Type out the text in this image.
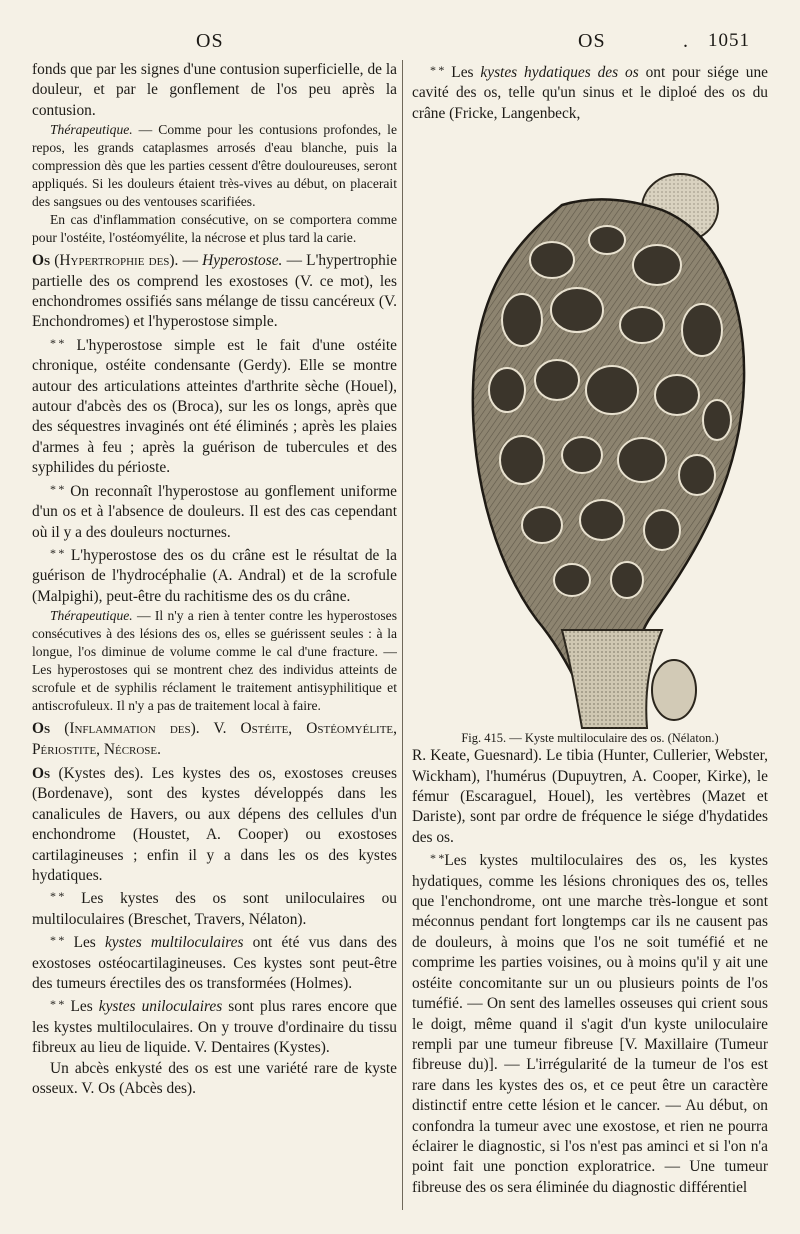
OS	OS	. 1051

fonds que par les signes d'une contusion superficielle, de la douleur, et par le gonflement de l'os peu après la contusion.

Thérapeutique. — Comme pour les contusions profondes, le repos, les grands cataplasmes arrosés d'eau blanche, puis la compression dès que les parties cessent d'être douloureuses, seront appliqués. Si les douleurs étaient très-vives au début, on placerait des sangsues ou des ventouses scarifiées.

En cas d'inflammation consécutive, on se comportera comme pour l'ostéite, l'ostéomyélite, la nécrose et plus tard la carie.

Os (Hypertrophie des). — Hyperostose. — L'hypertrophie partielle des os comprend les exostoses (V. ce mot), les enchondromes ossifiés sans mélange de tissu cancéreux (V. Enchondromes) et l'hyperostose simple.

* * L'hyperostose simple est le fait d'une ostéite chronique, ostéite condensante (Gerdy). Elle se montre autour des articulations atteintes d'arthrite sèche (Houel), autour d'abcès des os (Broca), sur les os longs, après que des séquestres invaginés ont été éliminés ; après les plaies d'armes à feu ; après la guérison de tubercules et des syphilides du périoste.

* * On reconnaît l'hyperostose au gonflement uniforme d'un os et à l'absence de douleurs. Il est des cas cependant où il y a des douleurs nocturnes.

* * L'hyperostose des os du crâne est le résultat de la guérison de l'hydrocéphalie (A. Andral) et de la scrofule (Malpighi), peut-être du rachitisme des os du crâne.

Thérapeutique. — Il n'y a rien à tenter contre les hyperostoses consécutives à des lésions des os, elles se guérissent seules : à la longue, l'os diminue de volume comme le cal d'une fracture. — Les hyperostoses qui se montrent chez des individus atteints de scrofule et de syphilis réclament le traitement antisyphilitique et antiscrofuleux. Il n'y a pas de traitement local à faire.

Os (Inflammation des). V. Ostéite, Ostéomyélite, Périostite, Nécrose.

Os (Kystes des). Les kystes des os, exostoses creuses (Bordenave), sont des kystes développés dans les canalicules de Havers, ou aux dépens des cellules d'un enchondrome (Houstet, A. Cooper) ou exostoses cartilagineuses ; enfin il y a dans les os des kystes hydatiques.

* * Les kystes des os sont uniloculaires ou multiloculaires (Breschet, Travers, Nélaton).

* * Les kystes multiloculaires ont été vus dans des exostoses ostéocartilagineuses. Ces kystes sont peut-être des tumeurs érectiles des os transformées (Holmes).

* * Les kystes uniloculaires sont plus rares encore que les kystes multiloculaires. On y trouve d'ordinaire du tissu fibreux au lieu de liquide. V. Dentaires (Kystes).

Un abcès enkysté des os est une variété rare de kyste osseux. V. Os (Abcès des).

* * Les kystes hydatiques des os ont pour siége une cavité des os, telle qu'un sinus et le diploé des os du crâne (Fricke, Langenbeck,

Fig. 415. — Kyste multiloculaire des os. (Nélaton.)

R. Keate, Guesnard). Le tibia (Hunter, Cullerier, Webster, Wickham), l'humérus (Dupuytren, A. Cooper, Kirke), le fémur (Escaraguel, Houel), les vertèbres (Mazet et Dariste), sont par ordre de fréquence le siége d'hydatides des os.

* *Les kystes multiloculaires des os, les kystes hydatiques, comme les lésions chroniques des os, telles que l'enchondrome, ont une marche très-longue et sont méconnus pendant fort longtemps car ils ne causent pas de douleurs, à moins que l'os ne soit tuméfié et ne comprime les parties voisines, ou à moins qu'il y ait une ostéite concomitante sur un ou plusieurs points de l'os tuméfié. — On sent des lamelles osseuses qui crient sous le doigt, même quand il s'agit d'un kyste uniloculaire rempli par une tumeur fibreuse [V. Maxillaire (Tumeur fibreuse du)]. — L'irrégularité de la tumeur de l'os est rare dans les kystes des os, et ce peut être un caractère distinctif entre cette lésion et le cancer. — Au début, on confondra la tumeur avec une exostose, et rien ne pourra éclairer le diagnostic, si l'os n'est pas aminci et si l'on n'a point fait une ponction exploratrice. — Une tumeur fibreuse des os sera éliminée du diagnostic différentiel
